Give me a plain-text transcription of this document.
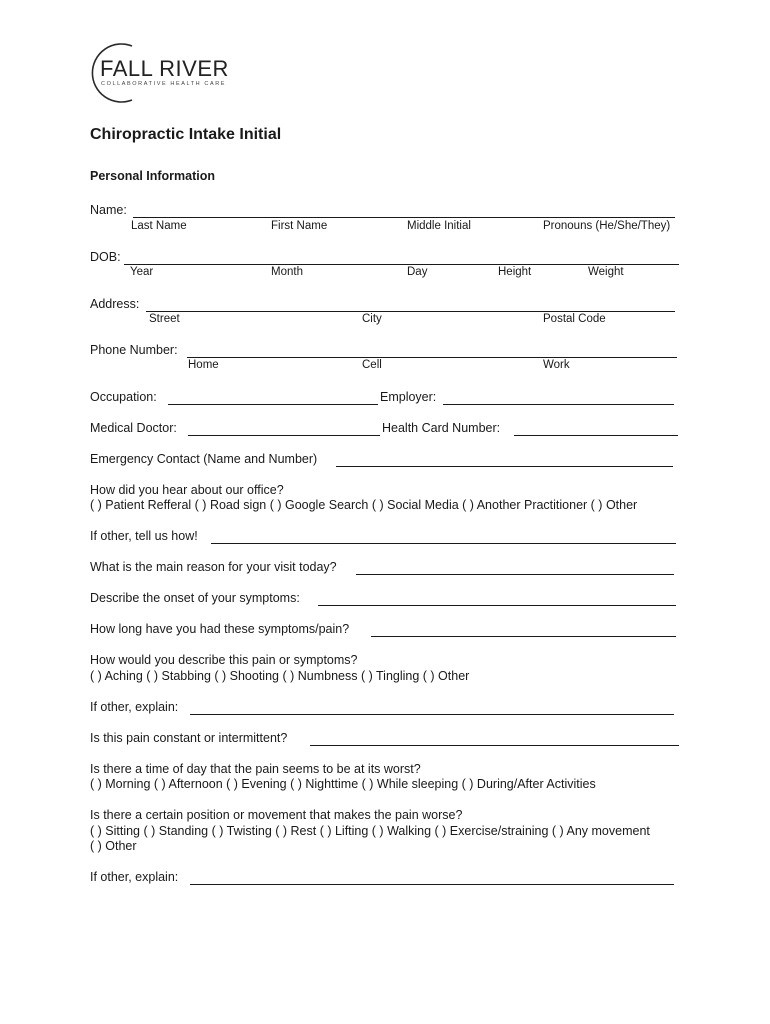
FALL RIVER
COLLABORATIVE HEALTH CARE
Chiropractic Intake Initial
Personal Information
Name:
Last Name	First Name	Middle Initial	Pronouns (He/She/They)
DOB:
Year	Month	Day	Height	Weight
Address:
Street	City	Postal Code
Phone Number:
Home	Cell	Work
Occupation:	Employer:
Medical Doctor:	Health Card Number:
Emergency Contact (Name and Number)
How did you hear about our office?
( ) Patient Refferal ( ) Road sign ( ) Google Search ( ) Social Media ( ) Another Practitioner ( ) Other
If other, tell us how!
What is the main reason for your visit today?
Describe the onset of your symptoms:
How long have you had these symptoms/pain?
How would you describe this pain or symptoms?
( ) Aching ( ) Stabbing ( ) Shooting ( ) Numbness ( ) Tingling ( ) Other
If other, explain:
Is this pain constant or intermittent?
Is there a time of day that the pain seems to be at its worst?
( ) Morning ( ) Afternoon ( ) Evening ( ) Nighttime ( ) While sleeping ( ) During/After Activities
Is there a certain position or movement that makes the pain worse?
( ) Sitting ( ) Standing ( ) Twisting ( ) Rest ( ) Lifting ( ) Walking ( ) Exercise/straining ( ) Any movement
( ) Other
If other, explain:
